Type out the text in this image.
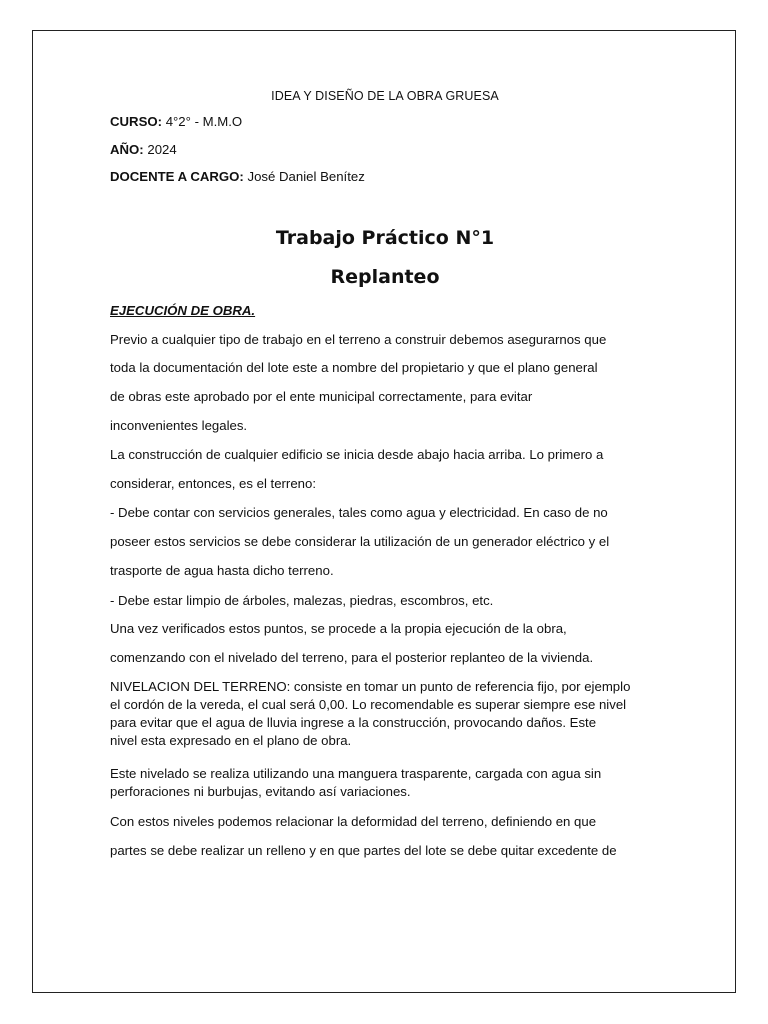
IDEA Y DISEÑO DE LA OBRA GRUESA

CURSO: 4°2° - M.M.O

AÑO: 2024

DOCENTE A CARGO: José Daniel Benítez

Trabajo Práctico N°1

Replanteo

EJECUCIÓN DE OBRA.

Previo a cualquier tipo de trabajo en el terreno a construir debemos asegurarnos que

toda la documentación del lote este a nombre del propietario y que el plano general

de obras este aprobado por el ente municipal correctamente, para evitar

inconvenientes legales.

La construcción de cualquier edificio se inicia desde abajo hacia arriba. Lo primero a

considerar, entonces, es el terreno:

- Debe contar con servicios generales, tales como agua y electricidad. En caso de no

poseer estos servicios se debe considerar la utilización de un generador eléctrico y el

trasporte de agua hasta dicho terreno.

- Debe estar limpio de árboles, malezas, piedras, escombros, etc.

Una vez verificados estos puntos, se procede a la propia ejecución de la obra,

comenzando con el nivelado del terreno, para el posterior replanteo de la vivienda.

NIVELACION DEL TERRENO: consiste en tomar un punto de referencia fijo, por ejemplo
el cordón de la vereda, el cual será 0,00. Lo recomendable es superar siempre ese nivel
para evitar que el agua de lluvia ingrese a la construcción, provocando daños. Este
nivel esta expresado en el plano de obra.
Este nivelado se realiza utilizando una manguera trasparente, cargada con agua sin
perforaciones ni burbujas, evitando así variaciones.

Con estos niveles podemos relacionar la deformidad del terreno, definiendo en que

partes se debe realizar un relleno y en que partes del lote se debe quitar excedente de
